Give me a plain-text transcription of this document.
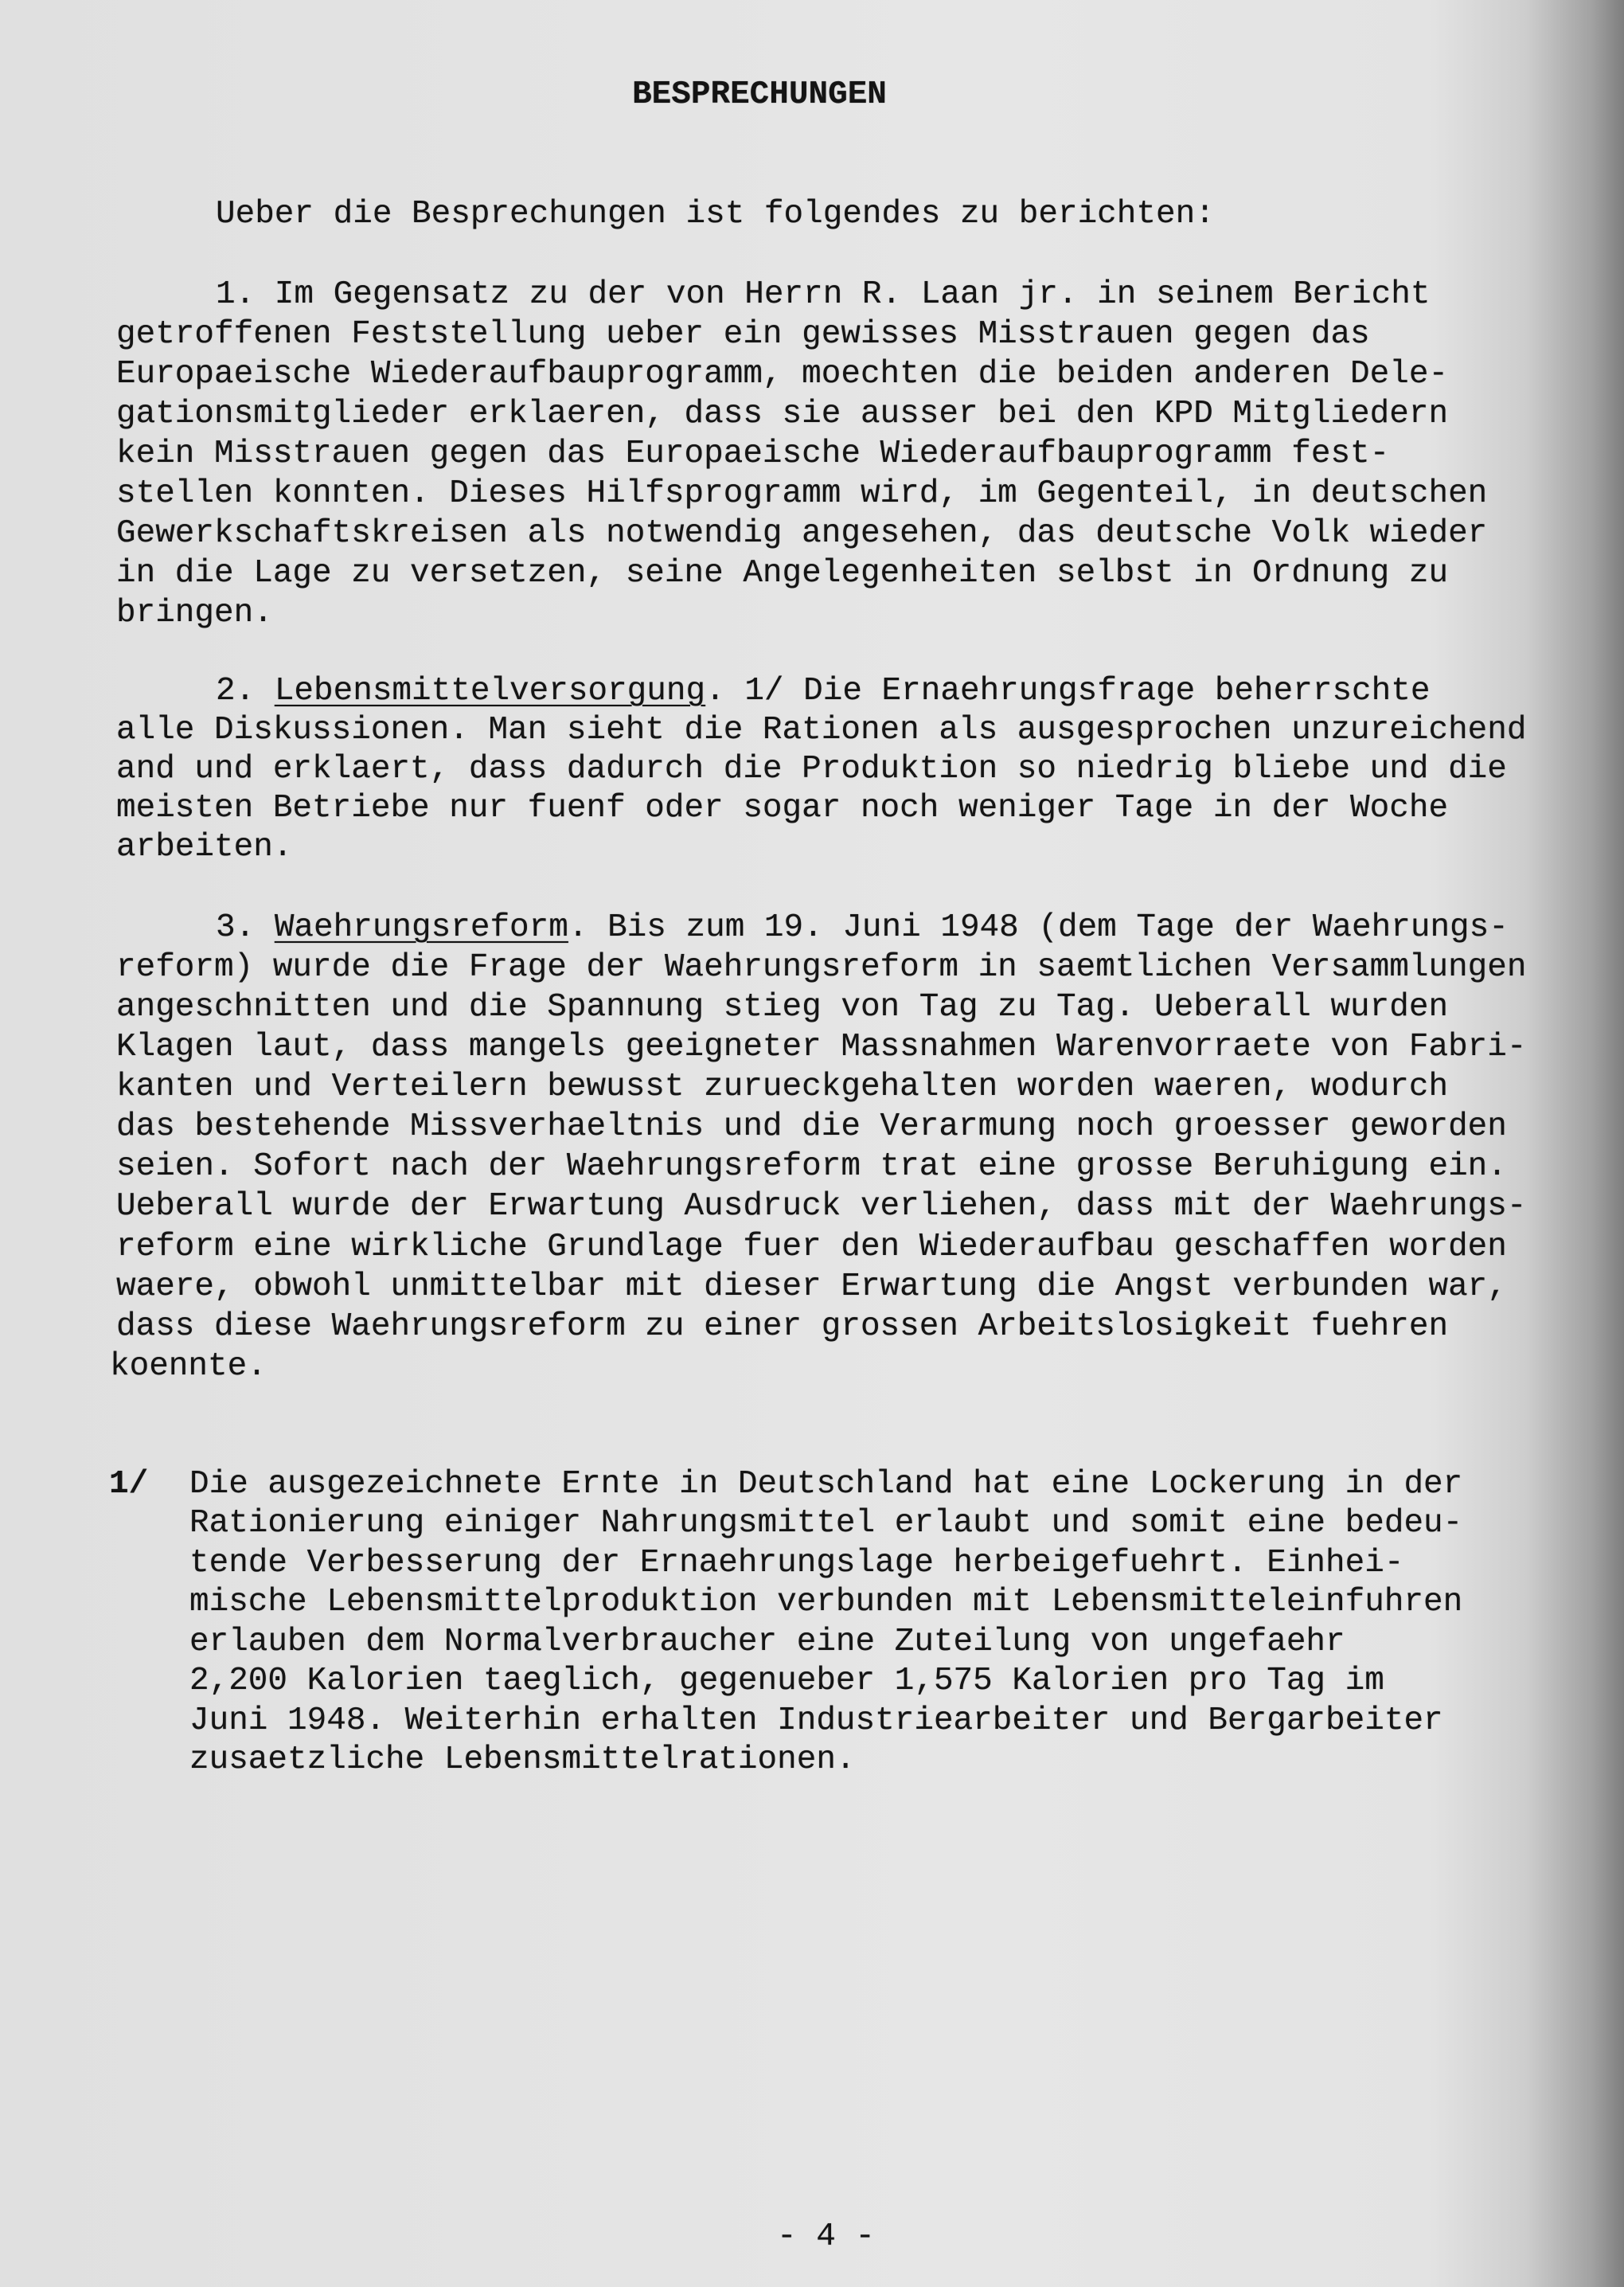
BESPRECHUNGEN
Ueber die Besprechungen ist folgendes zu berichten:
1. Im Gegensatz zu der von Herrn R. Laan jr. in seinem Bericht
getroffenen Feststellung ueber ein gewisses Misstrauen gegen das
Europaeische Wiederaufbauprogramm, moechten die beiden anderen Dele-
gationsmitglieder erklaeren, dass sie ausser bei den KPD Mitgliedern
kein Misstrauen gegen das Europaeische Wiederaufbauprogramm fest-
stellen konnten. Dieses Hilfsprogramm wird, im Gegenteil, in deutschen
Gewerkschaftskreisen als notwendig angesehen, das deutsche Volk wieder
in die Lage zu versetzen, seine Angelegenheiten selbst in Ordnung zu
bringen.
2. Lebensmittelversorgung. 1/ Die Ernaehrungsfrage beherrschte
alle Diskussionen. Man sieht die Rationen als ausgesprochen unzureichend
and und erklaert, dass dadurch die Produktion so niedrig bliebe und die
meisten Betriebe nur fuenf oder sogar noch weniger Tage in der Woche
arbeiten.
3. Waehrungsreform. Bis zum 19. Juni 1948 (dem Tage der Waehrungs-
reform) wurde die Frage der Waehrungsreform in saemtlichen Versammlungen
angeschnitten und die Spannung stieg von Tag zu Tag. Ueberall wurden
Klagen laut, dass mangels geeigneter Massnahmen Warenvorraete von Fabri-
kanten und Verteilern bewusst zurueckgehalten worden waeren, wodurch
das bestehende Missverhaeltnis und die Verarmung noch groesser geworden
seien. Sofort nach der Waehrungsreform trat eine grosse Beruhigung ein.
Ueberall wurde der Erwartung Ausdruck verliehen, dass mit der Waehrungs-
reform eine wirkliche Grundlage fuer den Wiederaufbau geschaffen worden
waere, obwohl unmittelbar mit dieser Erwartung die Angst verbunden war,
dass diese Waehrungsreform zu einer grossen Arbeitslosigkeit fuehren
koennte.
1/ Die ausgezeichnete Ernte in Deutschland hat eine Lockerung in der
Rationierung einiger Nahrungsmittel erlaubt und somit eine bedeu-
tende Verbesserung der Ernaehrungslage herbeigefuehrt. Einhei-
mische Lebensmittelproduktion verbunden mit Lebensmitteleinfuhren
erlauben dem Normalverbraucher eine Zuteilung von ungefaehr
2,200 Kalorien taeglich, gegenueber 1,575 Kalorien pro Tag im
Juni 1948. Weiterhin erhalten Industriearbeiter und Bergarbeiter
zusaetzliche Lebensmittelrationen.
- 4 -
